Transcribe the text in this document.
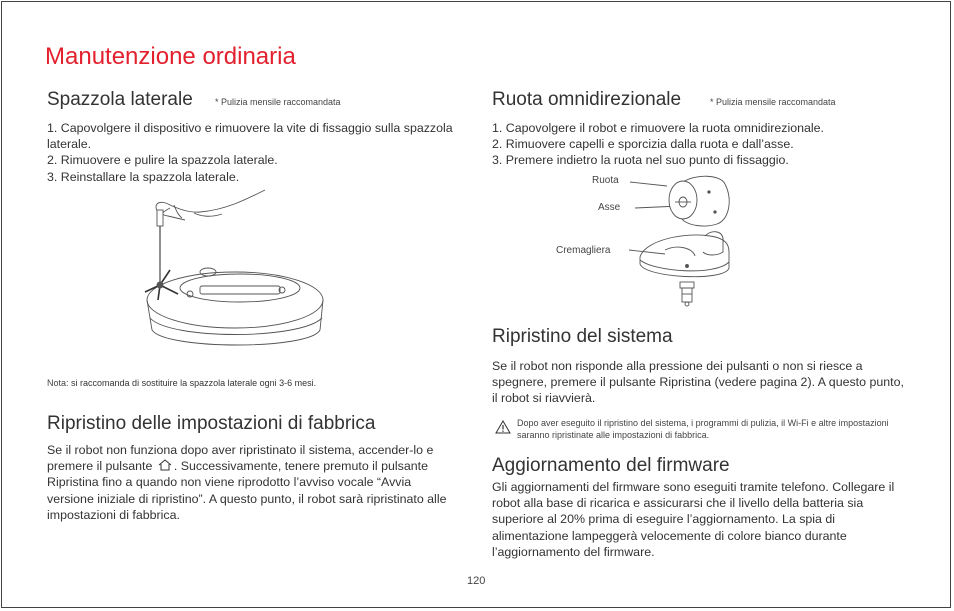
Manutenzione ordinaria
Spazzola laterale * Pulizia mensile raccomandata

1. Capovolgere il dispositivo e rimuovere la vite di fissaggio sulla spazzola laterale.

2. Rimuovere e pulire la spazzola laterale.

3. Reinstallare la spazzola laterale.

Nota: si raccomanda di sostituire la spazzola laterale ogni 3-6 mesi.
Ripristino delle impostazioni di fabbrica
Se il robot non funziona dopo aver ripristinato il sistema, accender-lo e premere il pulsante . Successivamente, tenere premuto il pulsante Ripristina fino a quando non viene riprodotto l’avviso vocale “Avvia versione iniziale di ripristino”. A questo punto, il robot sarà ripristinato alle impostazioni di fabbrica.
Ruota omnidirezionale	* Pulizia mensile raccomandata

1. Capovolgere il robot e rimuovere la ruota omnidirezionale.

2. Rimuovere capelli e sporcizia dalla ruota e dall’asse.

3. Premere indietro la ruota nel suo punto di fissaggio.

Ruota
Asse
Cremagliera
Ripristino del sistema
Se il robot non risponde alla pressione dei pulsanti o non si riesce a spegnere, premere il pulsante Ripristina (vedere pagina 2). A questo punto, il robot si riavvierà.
Dopo aver eseguito il ripristino del sistema, i programmi di pulizia, il Wi-Fi e altre impostazioni saranno ripristinate alle impostazioni di fabbrica.
Aggiornamento del firmware
Gli aggiornamenti del firmware sono eseguiti tramite telefono. Collegare il robot alla base di ricarica e assicurarsi che il livello della batteria sia superiore al 20% prima di eseguire l’aggiornamento. La spia di alimentazione lampeggerà velocemente di colore bianco durante l’aggiornamento del firmware.
120
